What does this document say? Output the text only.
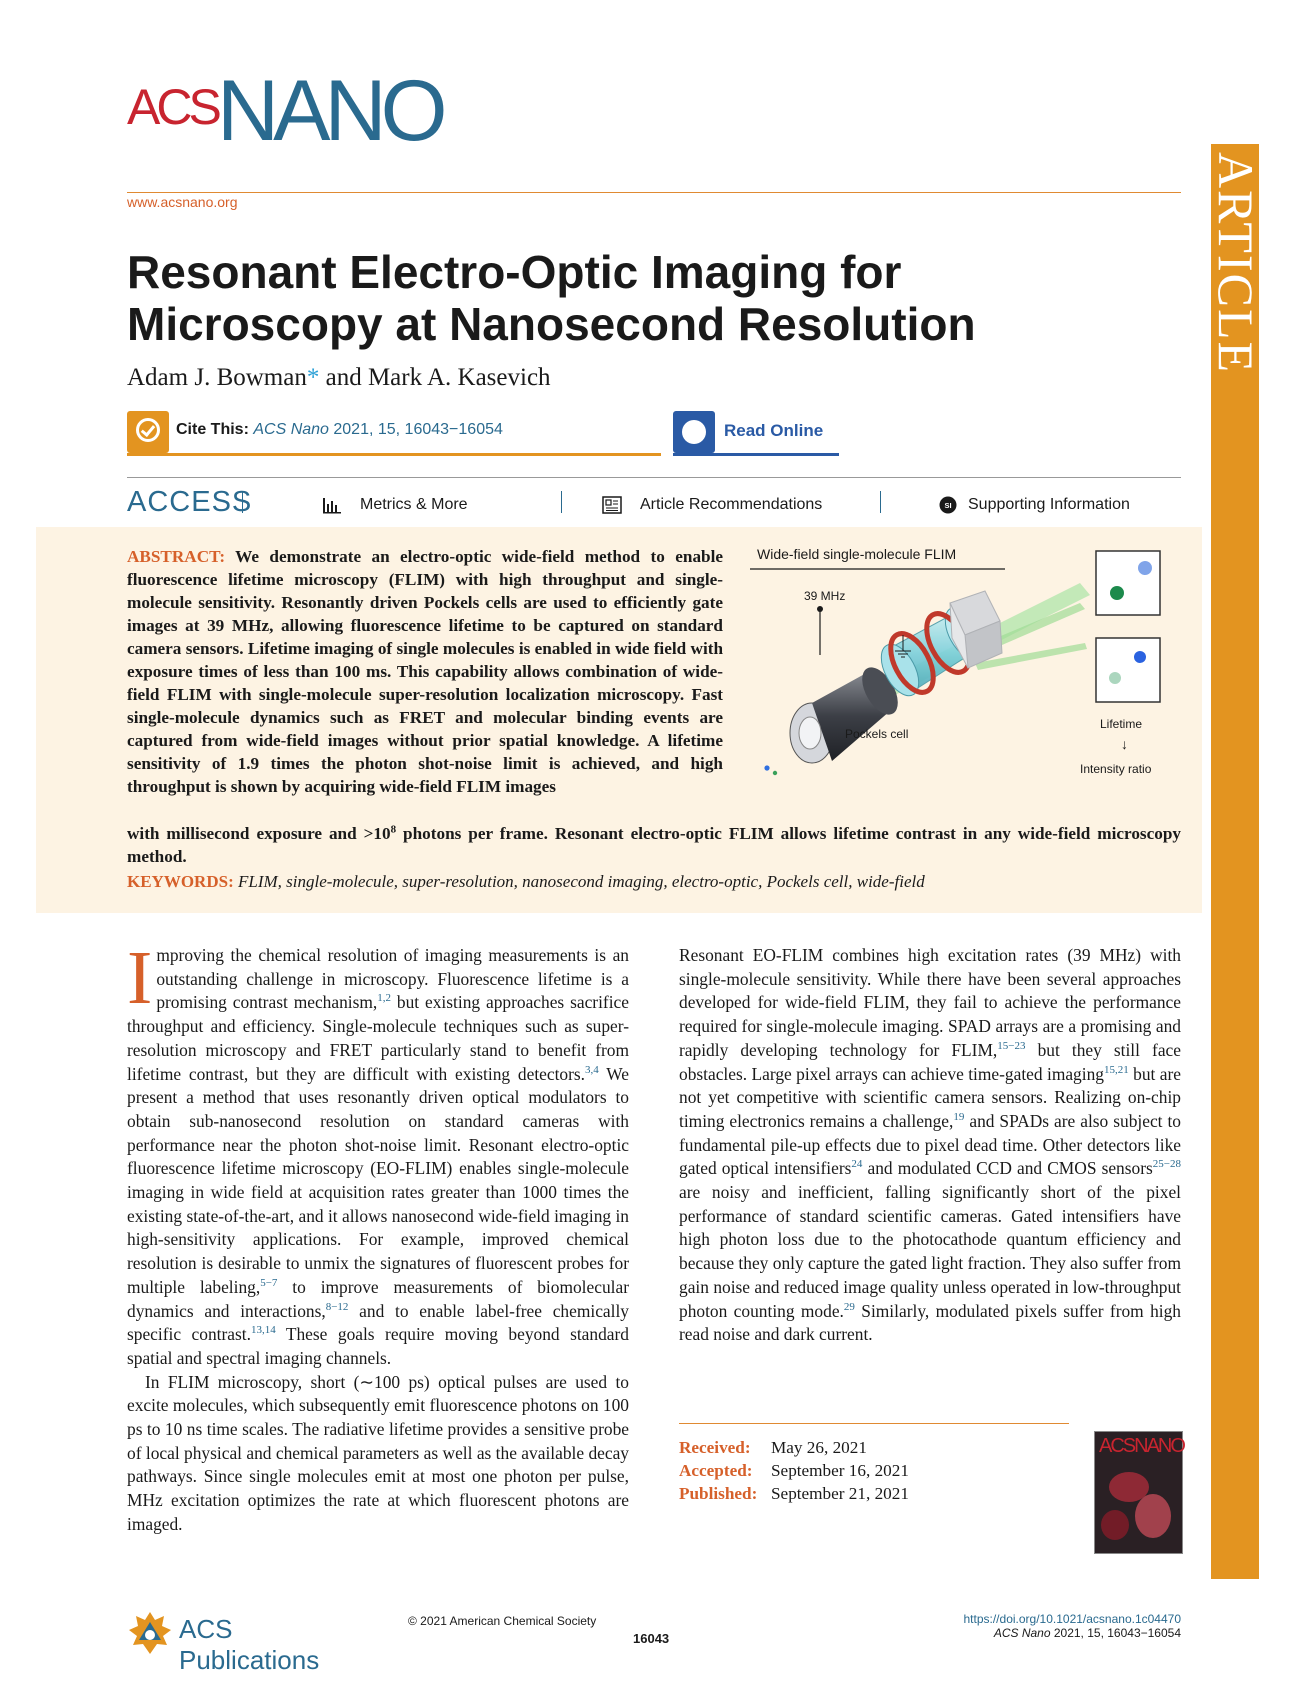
ACS NANO
www.acsnano.org	ARTICLE
Resonant Electro-Optic Imaging for Microscopy at Nanosecond Resolution
Adam J. Bowman* and Mark A. Kasevich
Cite This: ACS Nano 2021, 15, 16043−16054	Read Online
ACCESS	Metrics & More	Article Recommendations	SI Supporting Information
ABSTRACT: We demonstrate an electro-optic wide-field method to enable fluorescence lifetime microscopy (FLIM) with high throughput and single-molecule sensitivity. Resonantly driven Pockels cells are used to efficiently gate images at 39 MHz, allowing fluorescence lifetime to be captured on standard camera sensors. Lifetime imaging of single molecules is enabled in wide field with exposure times of less than 100 ms. This capability allows combination of wide-field FLIM with single-molecule super-resolution localization microscopy. Fast single-molecule dynamics such as FRET and molecular binding events are captured from wide-field images without prior spatial knowledge. A lifetime sensitivity of 1.9 times the photon shot-noise limit is achieved, and high throughput is shown by acquiring wide-field FLIM images
with millisecond exposure and $>10^8$ photons per frame. Resonant electro-optic FLIM allows lifetime contrast in any wide-field microscopy method.
KEYWORDS: FLIM, single-molecule, super-resolution, nanosecond imaging, electro-optic, Pockels cell, wide-field
Wide-field single-molecule FLIM
39 MHz
Pockels cell
Lifetime
↓
Intensity ratio

Improving the chemical resolution of imaging measurements is an outstanding challenge in microscopy. Fluorescence lifetime is a promising contrast mechanism,$^{1,2}$ but existing approaches sacrifice throughput and efficiency. Single-molecule techniques such as super-resolution microscopy and FRET particularly stand to benefit from lifetime contrast, but they are difficult with existing detectors.$^{3,4}$ We present a method that uses resonantly driven optical modulators to obtain sub-nanosecond resolution on standard cameras with performance near the photon shot-noise limit. Resonant electro-optic fluorescence lifetime microscopy (EO-FLIM) enables single-molecule imaging in wide field at acquisition rates greater than 1000 times the existing state-of-the-art, and it allows nanosecond wide-field imaging in high-sensitivity applications. For example, improved chemical resolution is desirable to unmix the signatures of fluorescent probes for multiple labeling,$^{5-7}$ to improve measurements of biomolecular dynamics and interactions,$^{8-12}$ and to enable label-free chemically specific contrast.$^{13,14}$ These goals require moving beyond standard spatial and spectral imaging channels.

In FLIM microscopy, short (∼100 ps) optical pulses are used to excite molecules, which subsequently emit fluorescence photons on 100 ps to 10 ns time scales. The radiative lifetime provides a sensitive probe of local physical and chemical parameters as well as the available decay pathways. Since single molecules emit at most one photon per pulse, MHz excitation optimizes the rate at which fluorescent photons are imaged.

Resonant EO-FLIM combines high excitation rates (39 MHz) with single-molecule sensitivity. While there have been several approaches developed for wide-field FLIM, they fail to achieve the performance required for single-molecule imaging. SPAD arrays are a promising and rapidly developing technology for FLIM,$^{15-23}$ but they still face obstacles. Large pixel arrays can achieve time-gated imaging$^{15,21}$ but are not yet competitive with scientific camera sensors. Realizing on-chip timing electronics remains a challenge,$^{19}$ and SPADs are also subject to fundamental pile-up effects due to pixel dead time. Other detectors like gated optical intensifiers$^{24}$ and modulated CCD and CMOS sensors$^{25-28}$ are noisy and inefficient, falling significantly short of the pixel performance of standard scientific cameras. Gated intensifiers have high photon loss due to the photocathode quantum efficiency and because they only capture the gated light fraction. They also suffer from gain noise and reduced image quality unless operated in low-throughput photon counting mode.$^{29}$ Similarly, modulated pixels suffer from high read noise and dark current.

Received: May 26, 2021
Accepted: September 16, 2021
Published: September 21, 2021
ACSNANO
ACS Publications
© 2021 American Chemical Society
16043
https://doi.org/10.1021/acsnano.1c04470
ACS Nano 2021, 15, 16043−16054
